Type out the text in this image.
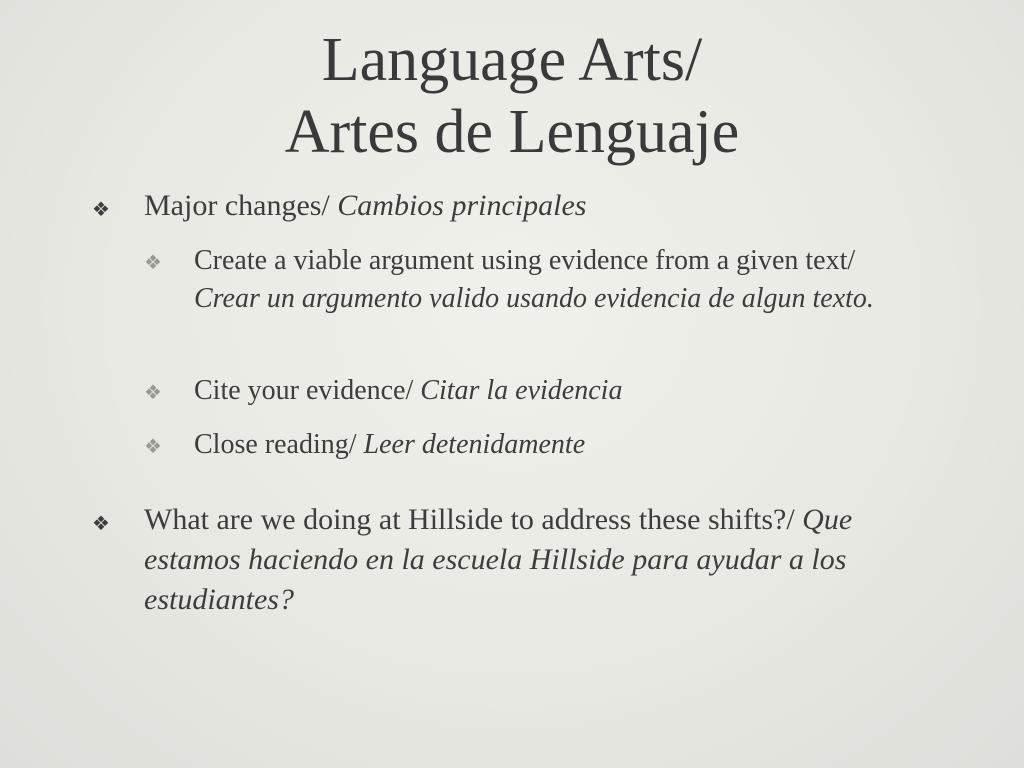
Language Arts/
Artes de Lenguaje
❖ Major changes/ Cambios principales
❖ Create a viable argument using evidence from a given text/ Crear un argumento valido usando evidencia de algun texto.
❖ Cite your evidence/ Citar la evidencia
❖ Close reading/ Leer detenidamente
❖ What are we doing at Hillside to address these shifts?/ Que estamos haciendo en la escuela Hillside para ayudar a los estudiantes?
